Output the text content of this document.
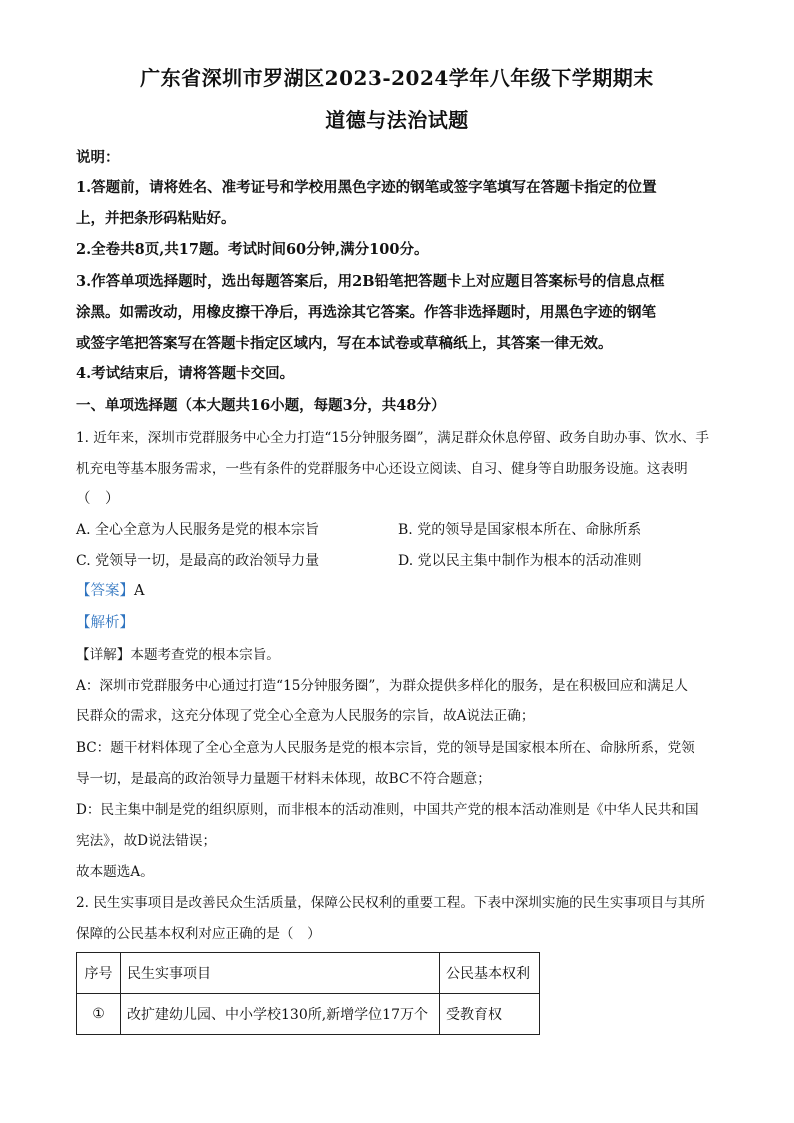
广东省深圳市罗湖区2023-2024学年八年级下学期期末
道德与法治试题
说明：
1.答题前，请将姓名、准考证号和学校用黑色字迹的钢笔或签字笔填写在答题卡指定的位置
上，并把条形码粘贴好。
2.全卷共8页,共17题。考试时间60分钟,满分100分。
3.作答单项选择题时，选出每题答案后，用2B铅笔把答题卡上对应题目答案标号的信息点框
涂黑。如需改动，用橡皮擦干净后，再选涂其它答案。作答非选择题时，用黑色字迹的钢笔
或签字笔把答案写在答题卡指定区域内，写在本试卷或草稿纸上，其答案一律无效。
4.考试结束后，请将答题卡交回。
一、单项选择题（本大题共16小题，每题3分，共48分）
1. 近年来，深圳市党群服务中心全力打造“15分钟服务圈”，满足群众休息停留、政务自助办事、饮水、手
机充电等基本服务需求，一些有条件的党群服务中心还设立阅读、自习、健身等自助服务设施。这表明
（　）
A. 全心全意为人民服务是党的根本宗旨	B. 党的领导是国家根本所在、命脉所系
C. 党领导一切，是最高的政治领导力量	D. 党以民主集中制作为根本的活动准则
【答案】A
【解析】
【详解】本题考查党的根本宗旨。
A：深圳市党群服务中心通过打造“15分钟服务圈”，为群众提供多样化的服务，是在积极回应和满足人
民群众的需求，这充分体现了党全心全意为人民服务的宗旨，故A说法正确；
BC：题干材料体现了全心全意为人民服务是党的根本宗旨，党的领导是国家根本所在、命脉所系，党领
导一切，是最高的政治领导力量题干材料未体现，故BC不符合题意；
D：民主集中制是党的组织原则，而非根本的活动准则，中国共产党的根本活动准则是《中华人民共和国
宪法》，故D说法错误；
故本题选A。
2. 民生实事项目是改善民众生活质量，保障公民权利的重要工程。下表中深圳实施的民生实事项目与其所
保障的公民基本权利对应正确的是（　）
序号	民生实事项目	公民基本权利
①	改扩建幼儿园、中小学校130所,新增学位17万个	受教育权
